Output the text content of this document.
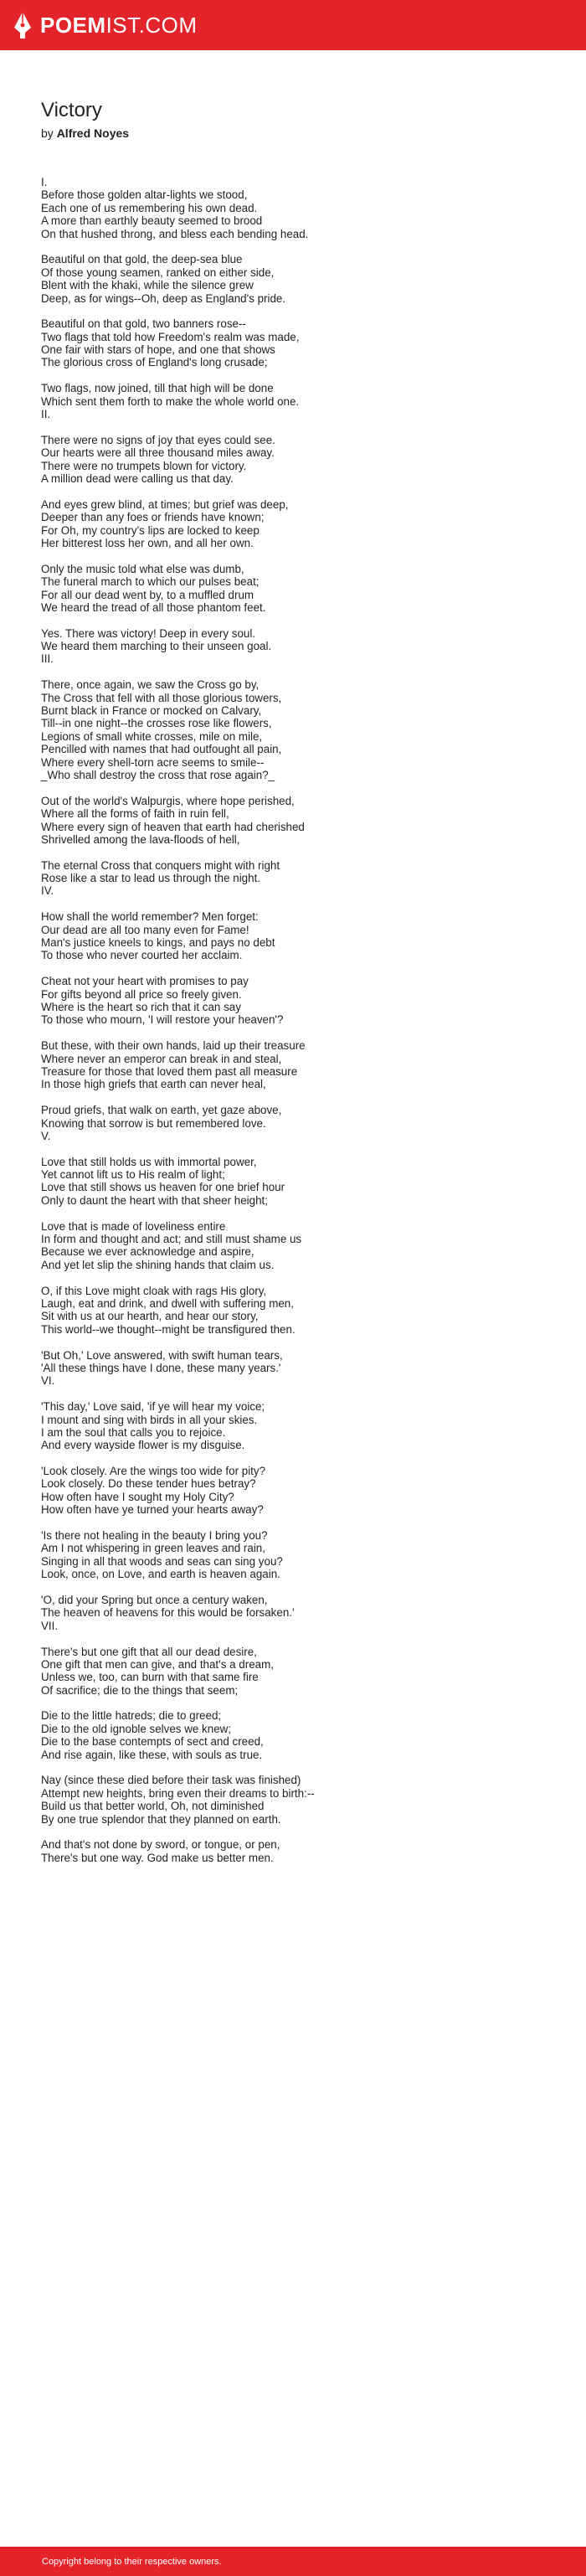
POEMIST.COM
Victory
by Alfred Noyes
I.
Before those golden altar-lights we stood,
Each one of us remembering his own dead.
A more than earthly beauty seemed to brood
On that hushed throng, and bless each bending head.
Beautiful on that gold, the deep-sea blue
Of those young seamen, ranked on either side,
Blent with the khaki, while the silence grew
Deep, as for wings--Oh, deep as England's pride.
Beautiful on that gold, two banners rose--
Two flags that told how Freedom's realm was made,
One fair with stars of hope, and one that shows
The glorious cross of England's long crusade;
Two flags, now joined, till that high will be done
Which sent them forth to make the whole world one.
II.
There were no signs of joy that eyes could see.
Our hearts were all three thousand miles away.
There were no trumpets blown for victory.
A million dead were calling us that day.
And eyes grew blind, at times; but grief was deep,
Deeper than any foes or friends have known;
For Oh, my country's lips are locked to keep
Her bitterest loss her own, and all her own.
Only the music told what else was dumb,
The funeral march to which our pulses beat;
For all our dead went by, to a muffled drum
We heard the tread of all those phantom feet.
Yes. There was victory! Deep in every soul.
We heard them marching to their unseen goal.
III.
There, once again, we saw the Cross go by,
The Cross that fell with all those glorious towers,
Burnt black in France or mocked on Calvary,
Till--in one night--the crosses rose like flowers,
Legions of small white crosses, mile on mile,
Pencilled with names that had outfought all pain,
Where every shell-torn acre seems to smile--
_Who shall destroy the cross that rose again?_
Out of the world's Walpurgis, where hope perished,
Where all the forms of faith in ruin fell,
Where every sign of heaven that earth had cherished
Shrivelled among the lava-floods of hell,
The eternal Cross that conquers might with right
Rose like a star to lead us through the night.
IV.
How shall the world remember? Men forget:
Our dead are all too many even for Fame!
Man's justice kneels to kings, and pays no debt
To those who never courted her acclaim.
Cheat not your heart with promises to pay
For gifts beyond all price so freely given.
Where is the heart so rich that it can say
To those who mourn, 'I will restore your heaven'?
But these, with their own hands, laid up their treasure
Where never an emperor can break in and steal,
Treasure for those that loved them past all measure
In those high griefs that earth can never heal,
Proud griefs, that walk on earth, yet gaze above,
Knowing that sorrow is but remembered love.
V.
Love that still holds us with immortal power,
Yet cannot lift us to His realm of light;
Love that still shows us heaven for one brief hour
Only to daunt the heart with that sheer height;
Love that is made of loveliness entire
In form and thought and act; and still must shame us
Because we ever acknowledge and aspire,
And yet let slip the shining hands that claim us.
O, if this Love might cloak with rags His glory,
Laugh, eat and drink, and dwell with suffering men,
Sit with us at our hearth, and hear our story,
This world--we thought--might be transfigured then.
'But Oh,' Love answered, with swift human tears,
'All these things have I done, these many years.'
VI.
'This day,' Love said, 'if ye will hear my voice;
I mount and sing with birds in all your skies.
I am the soul that calls you to rejoice.
And every wayside flower is my disguise.
'Look closely. Are the wings too wide for pity?
Look closely. Do these tender hues betray?
How often have I sought my Holy City?
How often have ye turned your hearts away?
'Is there not healing in the beauty I bring you?
Am I not whispering in green leaves and rain,
Singing in all that woods and seas can sing you?
Look, once, on Love, and earth is heaven again.
'O, did your Spring but once a century waken,
The heaven of heavens for this would be forsaken.'
VII.
There's but one gift that all our dead desire,
One gift that men can give, and that's a dream,
Unless we, too, can burn with that same fire
Of sacrifice; die to the things that seem;
Die to the little hatreds; die to greed;
Die to the old ignoble selves we knew;
Die to the base contempts of sect and creed,
And rise again, like these, with souls as true.
Nay (since these died before their task was finished)
Attempt new heights, bring even their dreams to birth:--
Build us that better world, Oh, not diminished
By one true splendor that they planned on earth.
And that's not done by sword, or tongue, or pen,
There's but one way. God make us better men.
Copyright belong to their respective owners.
